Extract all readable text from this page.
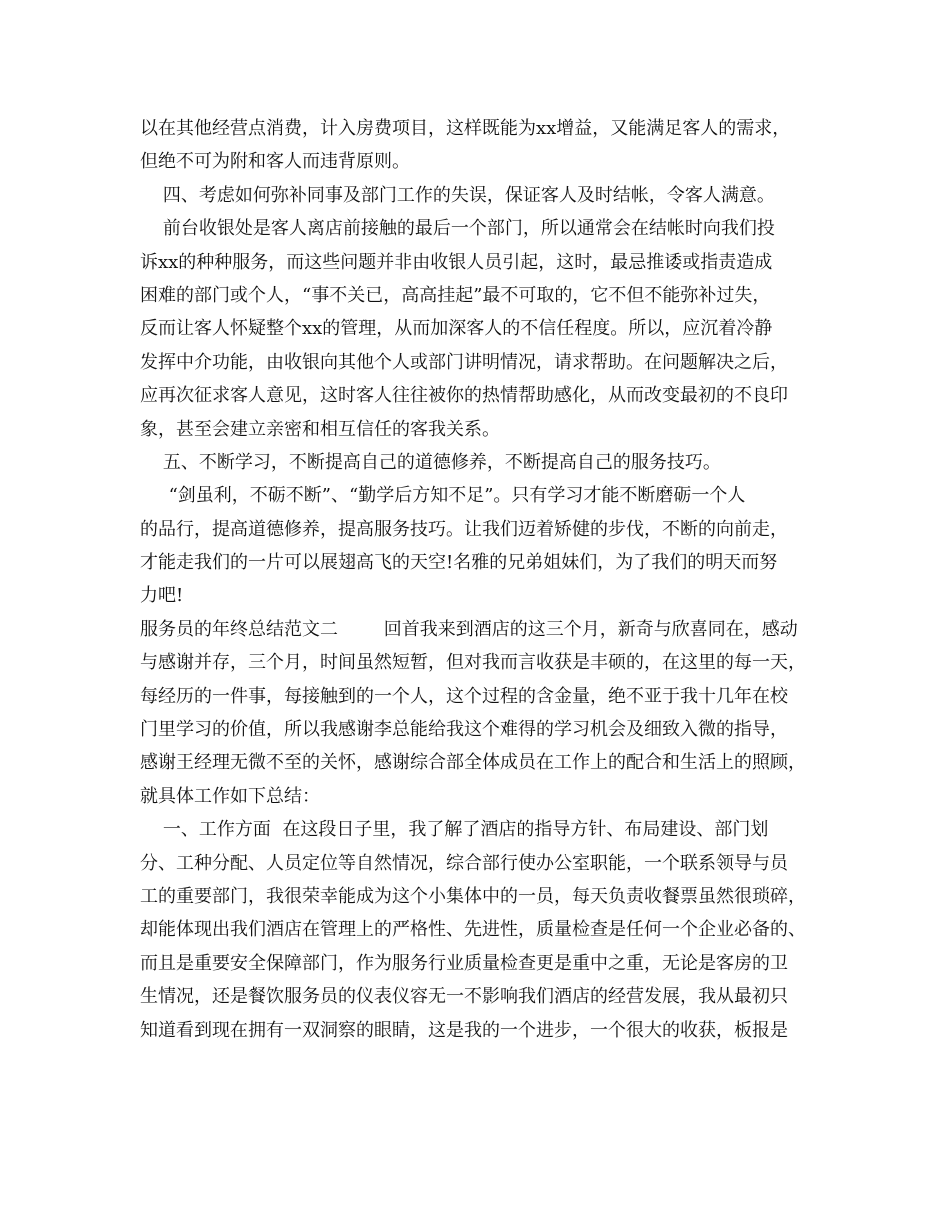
以在其他经营点消费，计入房费项目，这样既能为xx增益，又能满足客人的需求，
但绝不可为附和客人而违背原则。
四、考虑如何弥补同事及部门工作的失误，保证客人及时结帐，令客人满意。
前台收银处是客人离店前接触的最后一个部门，所以通常会在结帐时向我们投
诉xx的种种服务，而这些问题并非由收银人员引起，这时，最忌推诿或指责造成
困难的部门或个人，“事不关已，高高挂起”最不可取的，它不但不能弥补过失，
反而让客人怀疑整个xx的管理，从而加深客人的不信任程度。所以，应沉着冷静
发挥中介功能，由收银向其他个人或部门讲明情况，请求帮助。在问题解决之后，
应再次征求客人意见，这时客人往往被你的热情帮助感化，从而改变最初的不良印
象，甚至会建立亲密和相互信任的客我关系。
五、不断学习，不断提高自己的道德修养，不断提高自己的服务技巧。
“剑虽利，不砺不断”、“勤学后方知不足”。只有学习才能不断磨砺一个人
的品行，提高道德修养，提高服务技巧。让我们迈着矫健的步伐，不断的向前走，
才能走我们的一片可以展翅高飞的天空!名雅的兄弟姐妹们，为了我们的明天而努
力吧!
服务员的年终总结范文二        回首我来到酒店的这三个月，新奇与欣喜同在，感动
与感谢并存，三个月，时间虽然短暂，但对我而言收获是丰硕的，在这里的每一天，
每经历的一件事，每接触到的一个人，这个过程的含金量，绝不亚于我十几年在校
门里学习的价值，所以我感谢李总能给我这个难得的学习机会及细致入微的指导，
感谢王经理无微不至的关怀，感谢综合部全体成员在工作上的配合和生活上的照顾，
就具体工作如下总结：
一、工作方面  在这段日子里，我了解了酒店的指导方针、布局建设、部门划
分、工种分配、人员定位等自然情况，综合部行使办公室职能，一个联系领导与员
工的重要部门，我很荣幸能成为这个小集体中的一员，每天负责收餐票虽然很琐碎，
却能体现出我们酒店在管理上的严格性、先进性，质量检查是任何一个企业必备的、
而且是重要安全保障部门，作为服务行业质量检查更是重中之重，无论是客房的卫
生情况，还是餐饮服务员的仪表仪容无一不影响我们酒店的经营发展，我从最初只
知道看到现在拥有一双洞察的眼睛，这是我的一个进步，一个很大的收获，板报是
